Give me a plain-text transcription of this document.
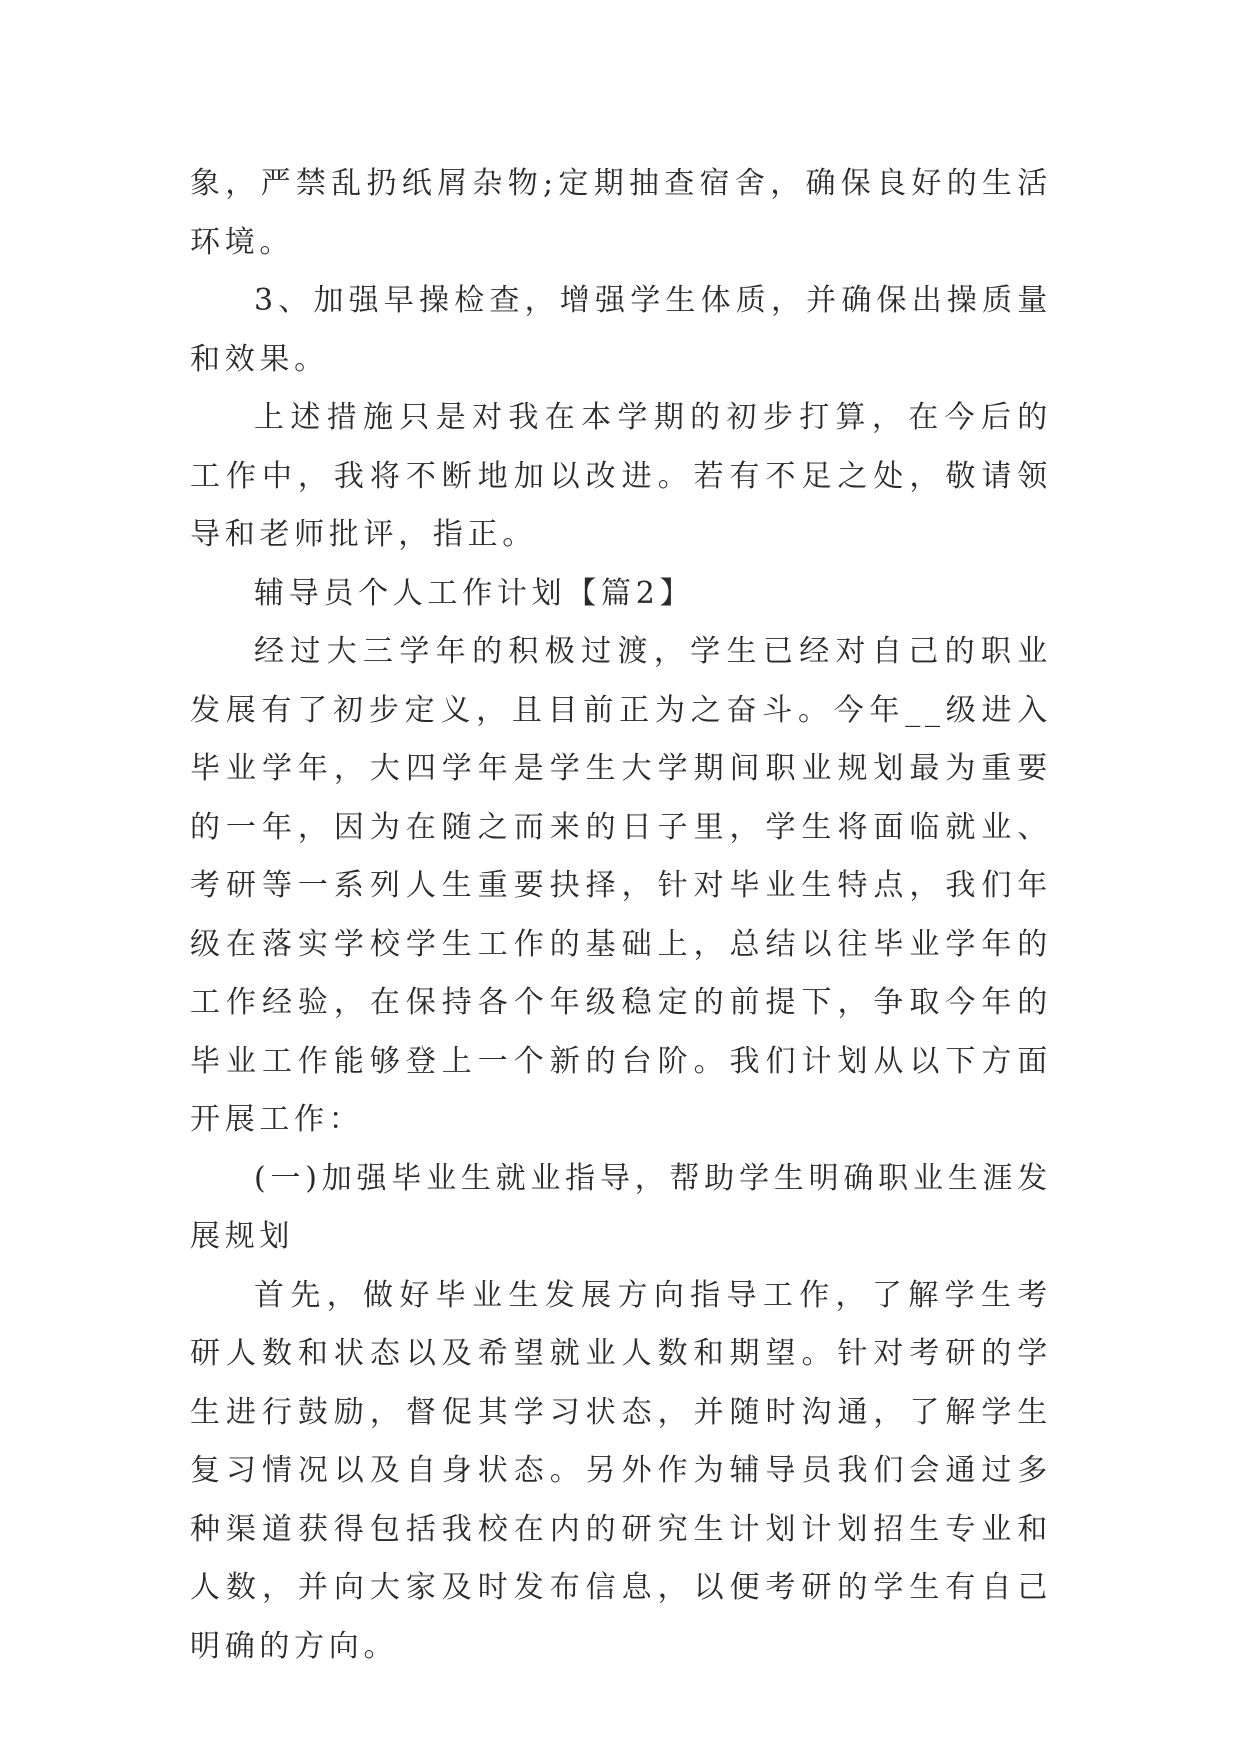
象，严禁乱扔纸屑杂物;定期抽查宿舍，确保良好的生活环境。

3、加强早操检查，增强学生体质，并确保出操质量和效果。

上述措施只是对我在本学期的初步打算，在今后的工作中，我将不断地加以改进。若有不足之处，敬请领导和老师批评，指正。

辅导员个人工作计划【篇2】

经过大三学年的积极过渡，学生已经对自己的职业发展有了初步定义，且目前正为之奋斗。今年__级进入毕业学年，大四学年是学生大学期间职业规划最为重要的一年，因为在随之而来的日子里，学生将面临就业、考研等一系列人生重要抉择，针对毕业生特点，我们年级在落实学校学生工作的基础上，总结以往毕业学年的工作经验，在保持各个年级稳定的前提下，争取今年的毕业工作能够登上一个新的台阶。我们计划从以下方面开展工作：

(一)加强毕业生就业指导，帮助学生明确职业生涯发展规划

首先，做好毕业生发展方向指导工作，了解学生考研人数和状态以及希望就业人数和期望。针对考研的学生进行鼓励，督促其学习状态，并随时沟通，了解学生复习情况以及自身状态。另外作为辅导员我们会通过多种渠道获得包括我校在内的研究生计划计划招生专业和人数，并向大家及时发布信息，以便考研的学生有自己明确的方向。
